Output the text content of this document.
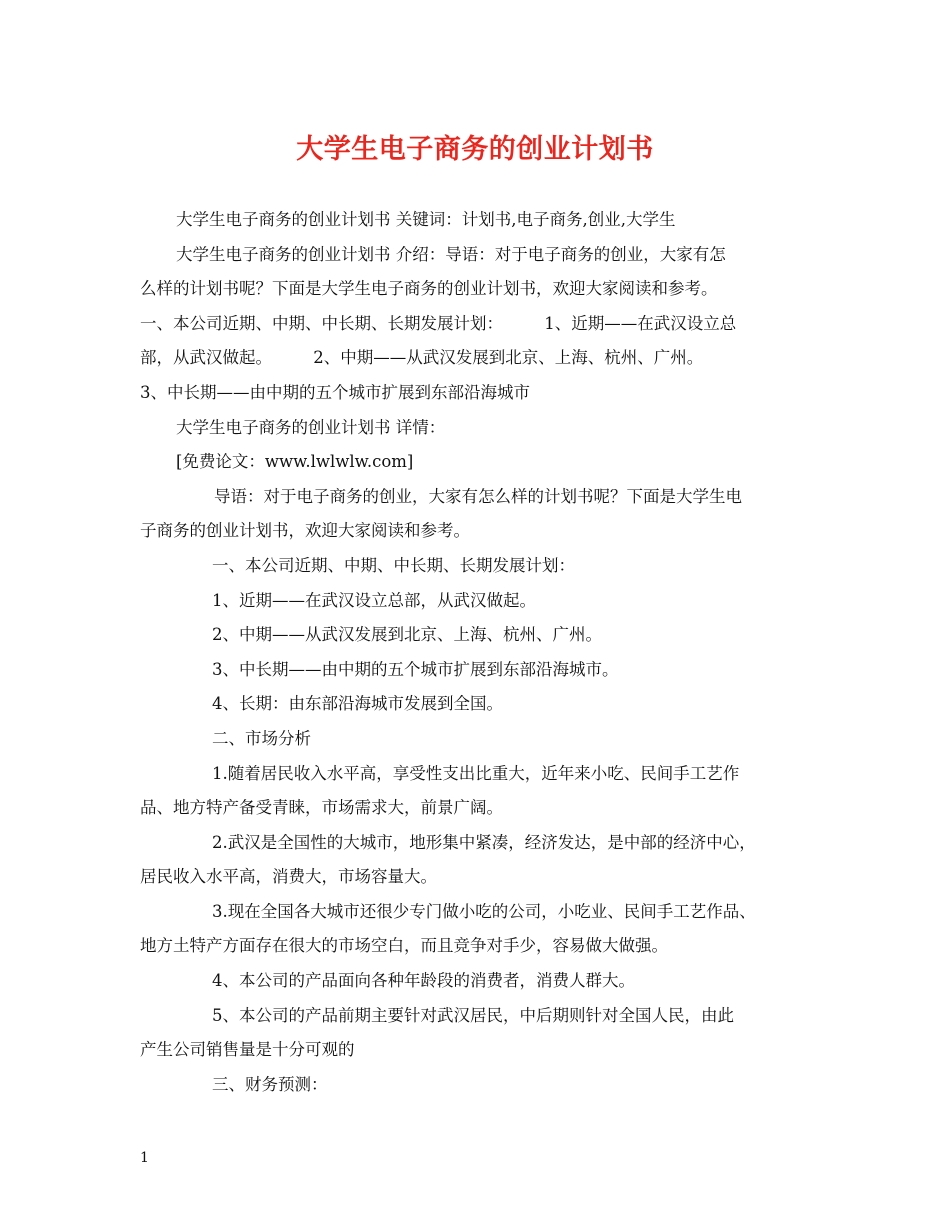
大学生电子商务的创业计划书

大学生电子商务的创业计划书 关键词：计划书,电子商务,创业,大学生

大学生电子商务的创业计划书 介绍：导语：对于电子商务的创业，大家有怎

么样的计划书呢？下面是大学生电子商务的创业计划书，欢迎大家阅读和参考。

一、本公司近期、中期、中长期、长期发展计划：　　　1、近期——在武汉设立总

部，从武汉做起。　　　2、中期——从武汉发展到北京、上海、杭州、广州。

3、中长期——由中期的五个城市扩展到东部沿海城市

大学生电子商务的创业计划书 详情：

[免费论文：www.lwlwlw.com]

导语：对于电子商务的创业，大家有怎么样的计划书呢？下面是大学生电

子商务的创业计划书，欢迎大家阅读和参考。

一、本公司近期、中期、中长期、长期发展计划：

1、近期——在武汉设立总部，从武汉做起。

2、中期——从武汉发展到北京、上海、杭州、广州。

3、中长期——由中期的五个城市扩展到东部沿海城市。

4、长期：由东部沿海城市发展到全国。

二、市场分析

1.随着居民收入水平高，享受性支出比重大，近年来小吃、民间手工艺作

品、地方特产备受青睐，市场需求大，前景广阔。

2.武汉是全国性的大城市，地形集中紧凑，经济发达，是中部的经济中心，

居民收入水平高，消费大，市场容量大。

3.现在全国各大城市还很少专门做小吃的公司，小吃业、民间手工艺作品、

地方土特产方面存在很大的市场空白，而且竞争对手少，容易做大做强。

4、本公司的产品面向各种年龄段的消费者，消费人群大。

5、本公司的产品前期主要针对武汉居民，中后期则针对全国人民，由此

产生公司销售量是十分可观的

三、财务预测：

1
